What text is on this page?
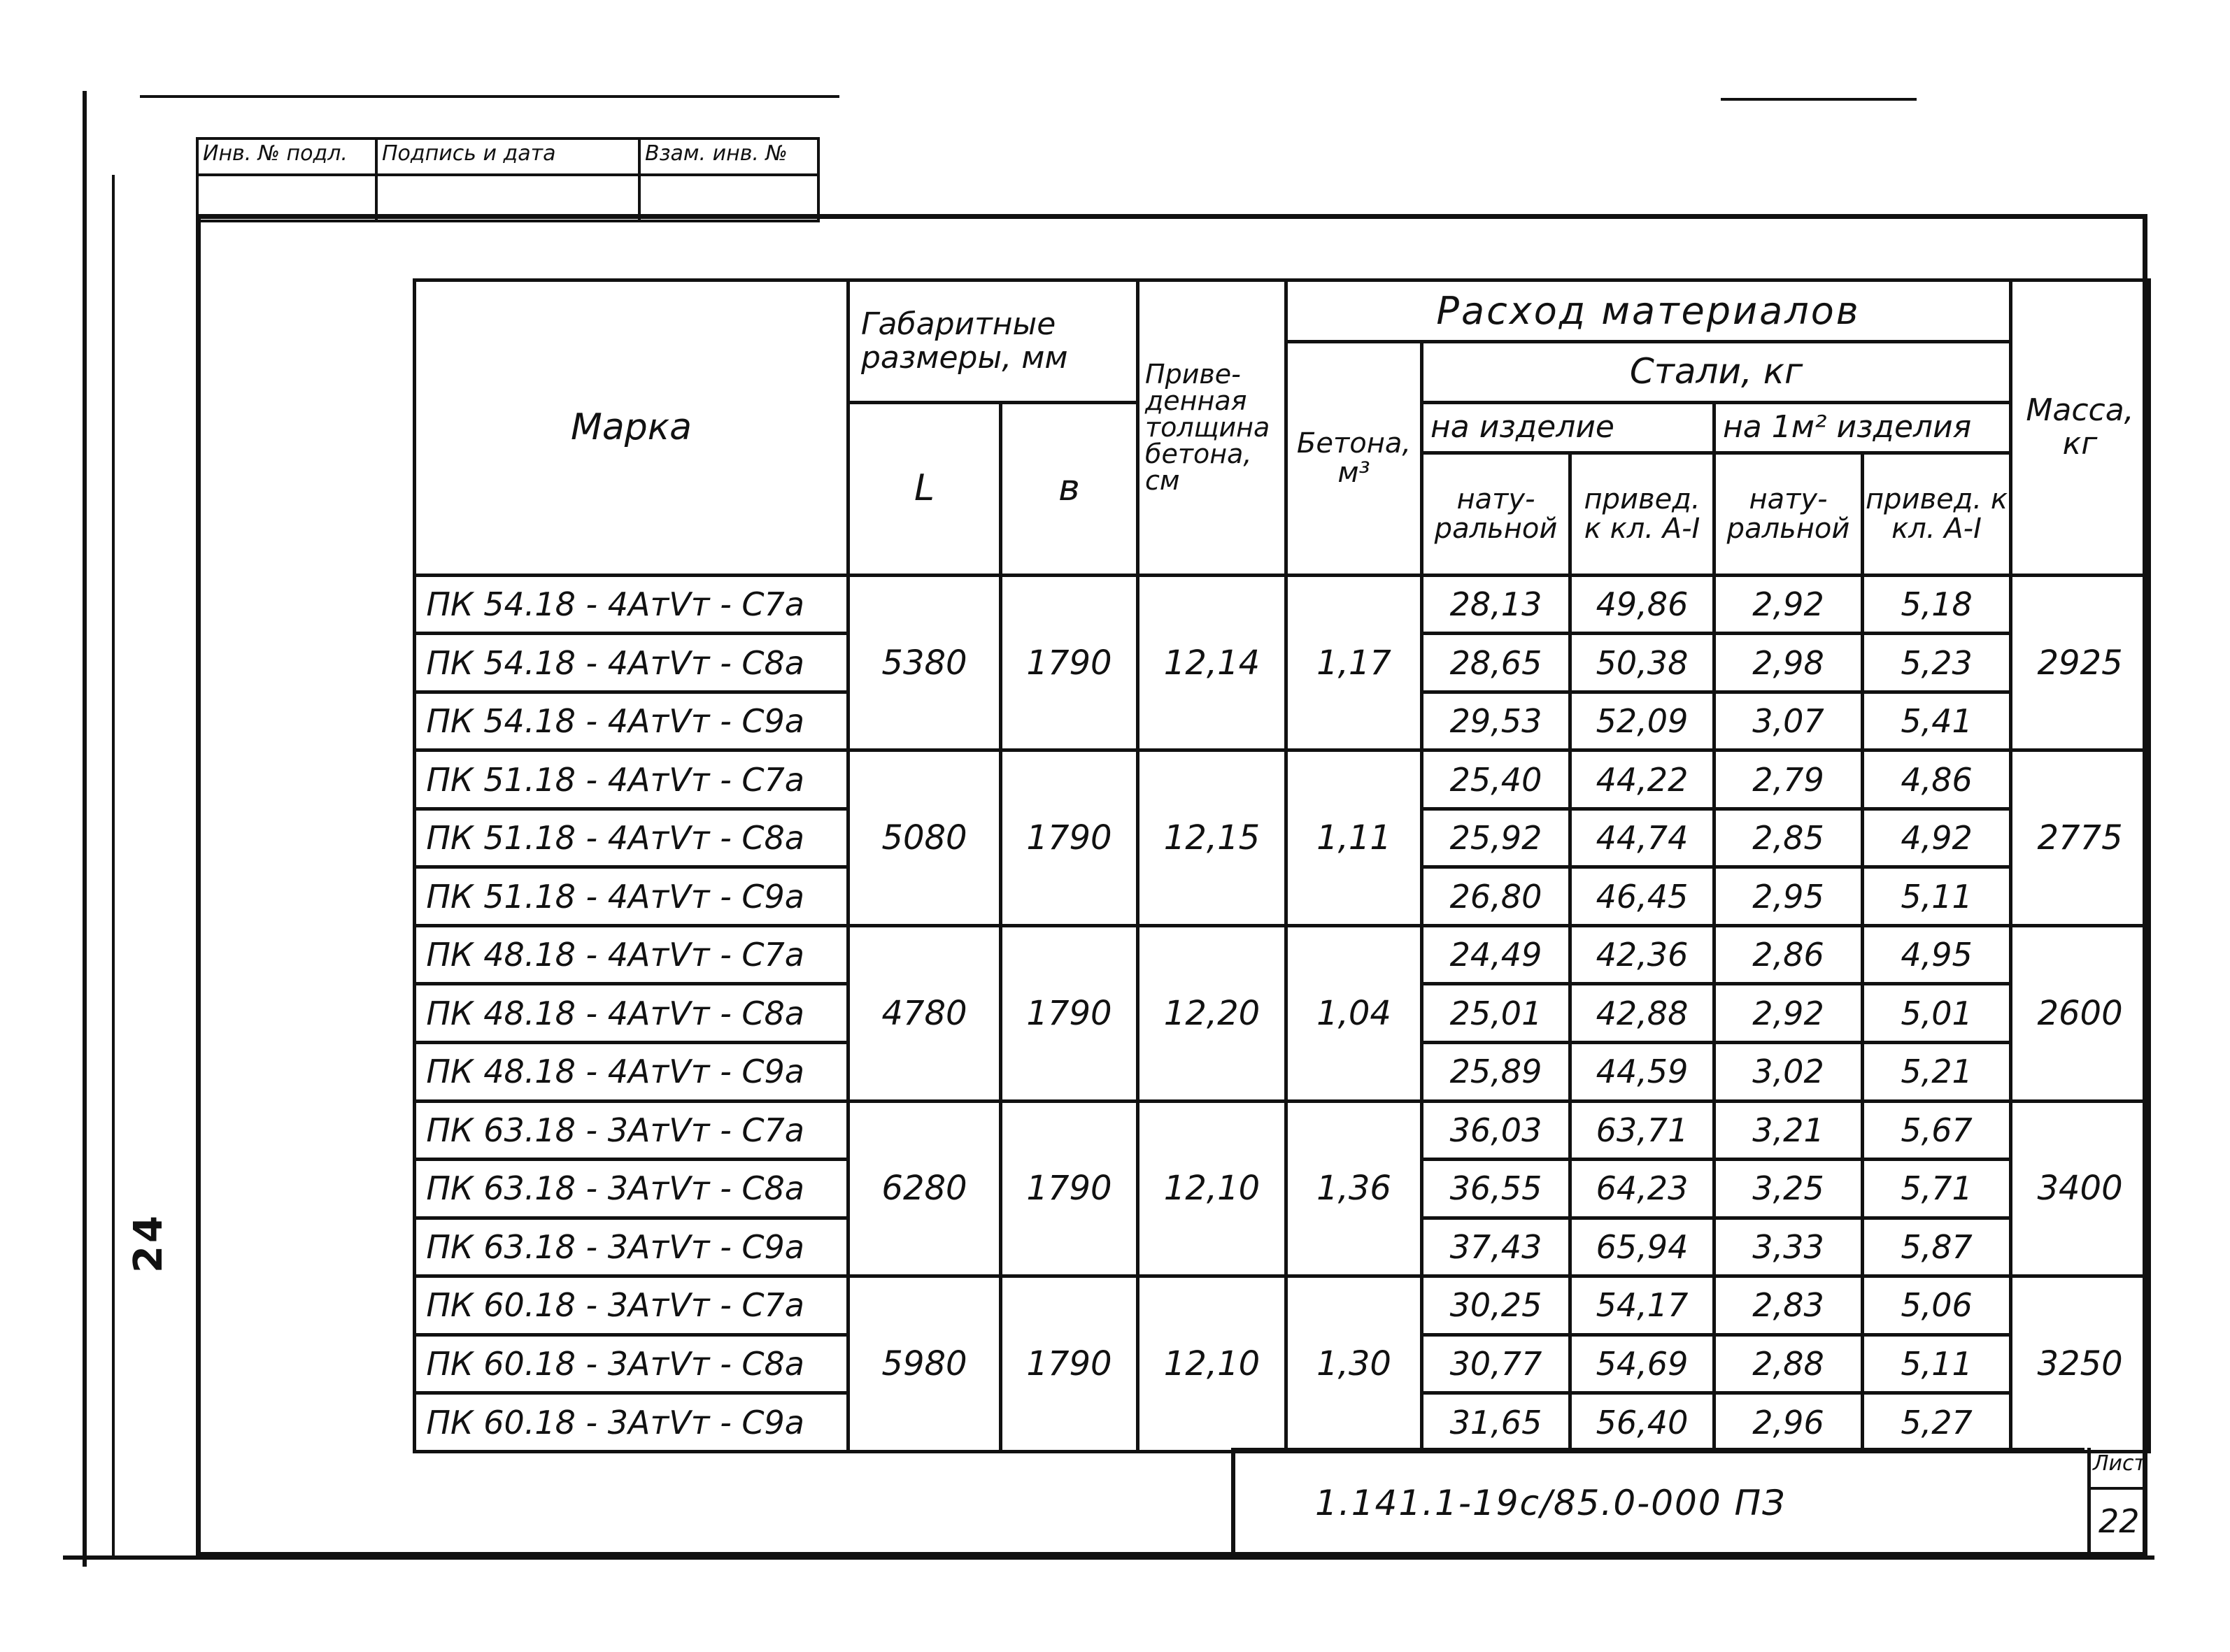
Инв. № подл.	Подпись и дата	Взам. инв. №

Марка	Габаритные размеры, мм		Приве-денная толщина бетона, см	Расход материалов					Масса, кг
				Бетона, м³	Стали, кг				
	L	в			на изделие		на 1м² изделия		
					нату-ральной	привед. к кл. А-I	нату-ральной	привед. к кл. А-I	
ПК 54.18 - 4АтⅤт - С7а	5380	1790	12,14	1,17	28,13	49,86	2,92	5,18	2925
ПК 54.18 - 4АтⅤт - С8а					28,65	50,38	2,98	5,23	
ПК 54.18 - 4АтⅤт - С9а					29,53	52,09	3,07	5,41	
ПК 51.18 - 4АтⅤт - С7а	5080	1790	12,15	1,11	25,40	44,22	2,79	4,86	2775
ПК 51.18 - 4АтⅤт - С8а					25,92	44,74	2,85	4,92	
ПК 51.18 - 4АтⅤт - С9а					26,80	46,45	2,95	5,11	
ПК 48.18 - 4АтⅤт - С7а	4780	1790	12,20	1,04	24,49	42,36	2,86	4,95	2600
ПК 48.18 - 4АтⅤт - С8а					25,01	42,88	2,92	5,01	
ПК 48.18 - 4АтⅤт - С9а					25,89	44,59	3,02	5,21	
ПК 63.18 - 3АтⅤт - С7а	6280	1790	12,10	1,36	36,03	63,71	3,21	5,67	3400
ПК 63.18 - 3АтⅤт - С8а					36,55	64,23	3,25	5,71	
ПК 63.18 - 3АтⅤт - С9а					37,43	65,94	3,33	5,87	
ПК 60.18 - 3АтⅤт - С7а	5980	1790	12,10	1,30	30,25	54,17	2,83	5,06	3250
ПК 60.18 - 3АтⅤт - С8а					30,77	54,69	2,88	5,11	
ПК 60.18 - 3АтⅤт - С9а					31,65	56,40	2,96	5,27	
1.141.1-19с/85.0-000 ПЗ
Лист
22
24
